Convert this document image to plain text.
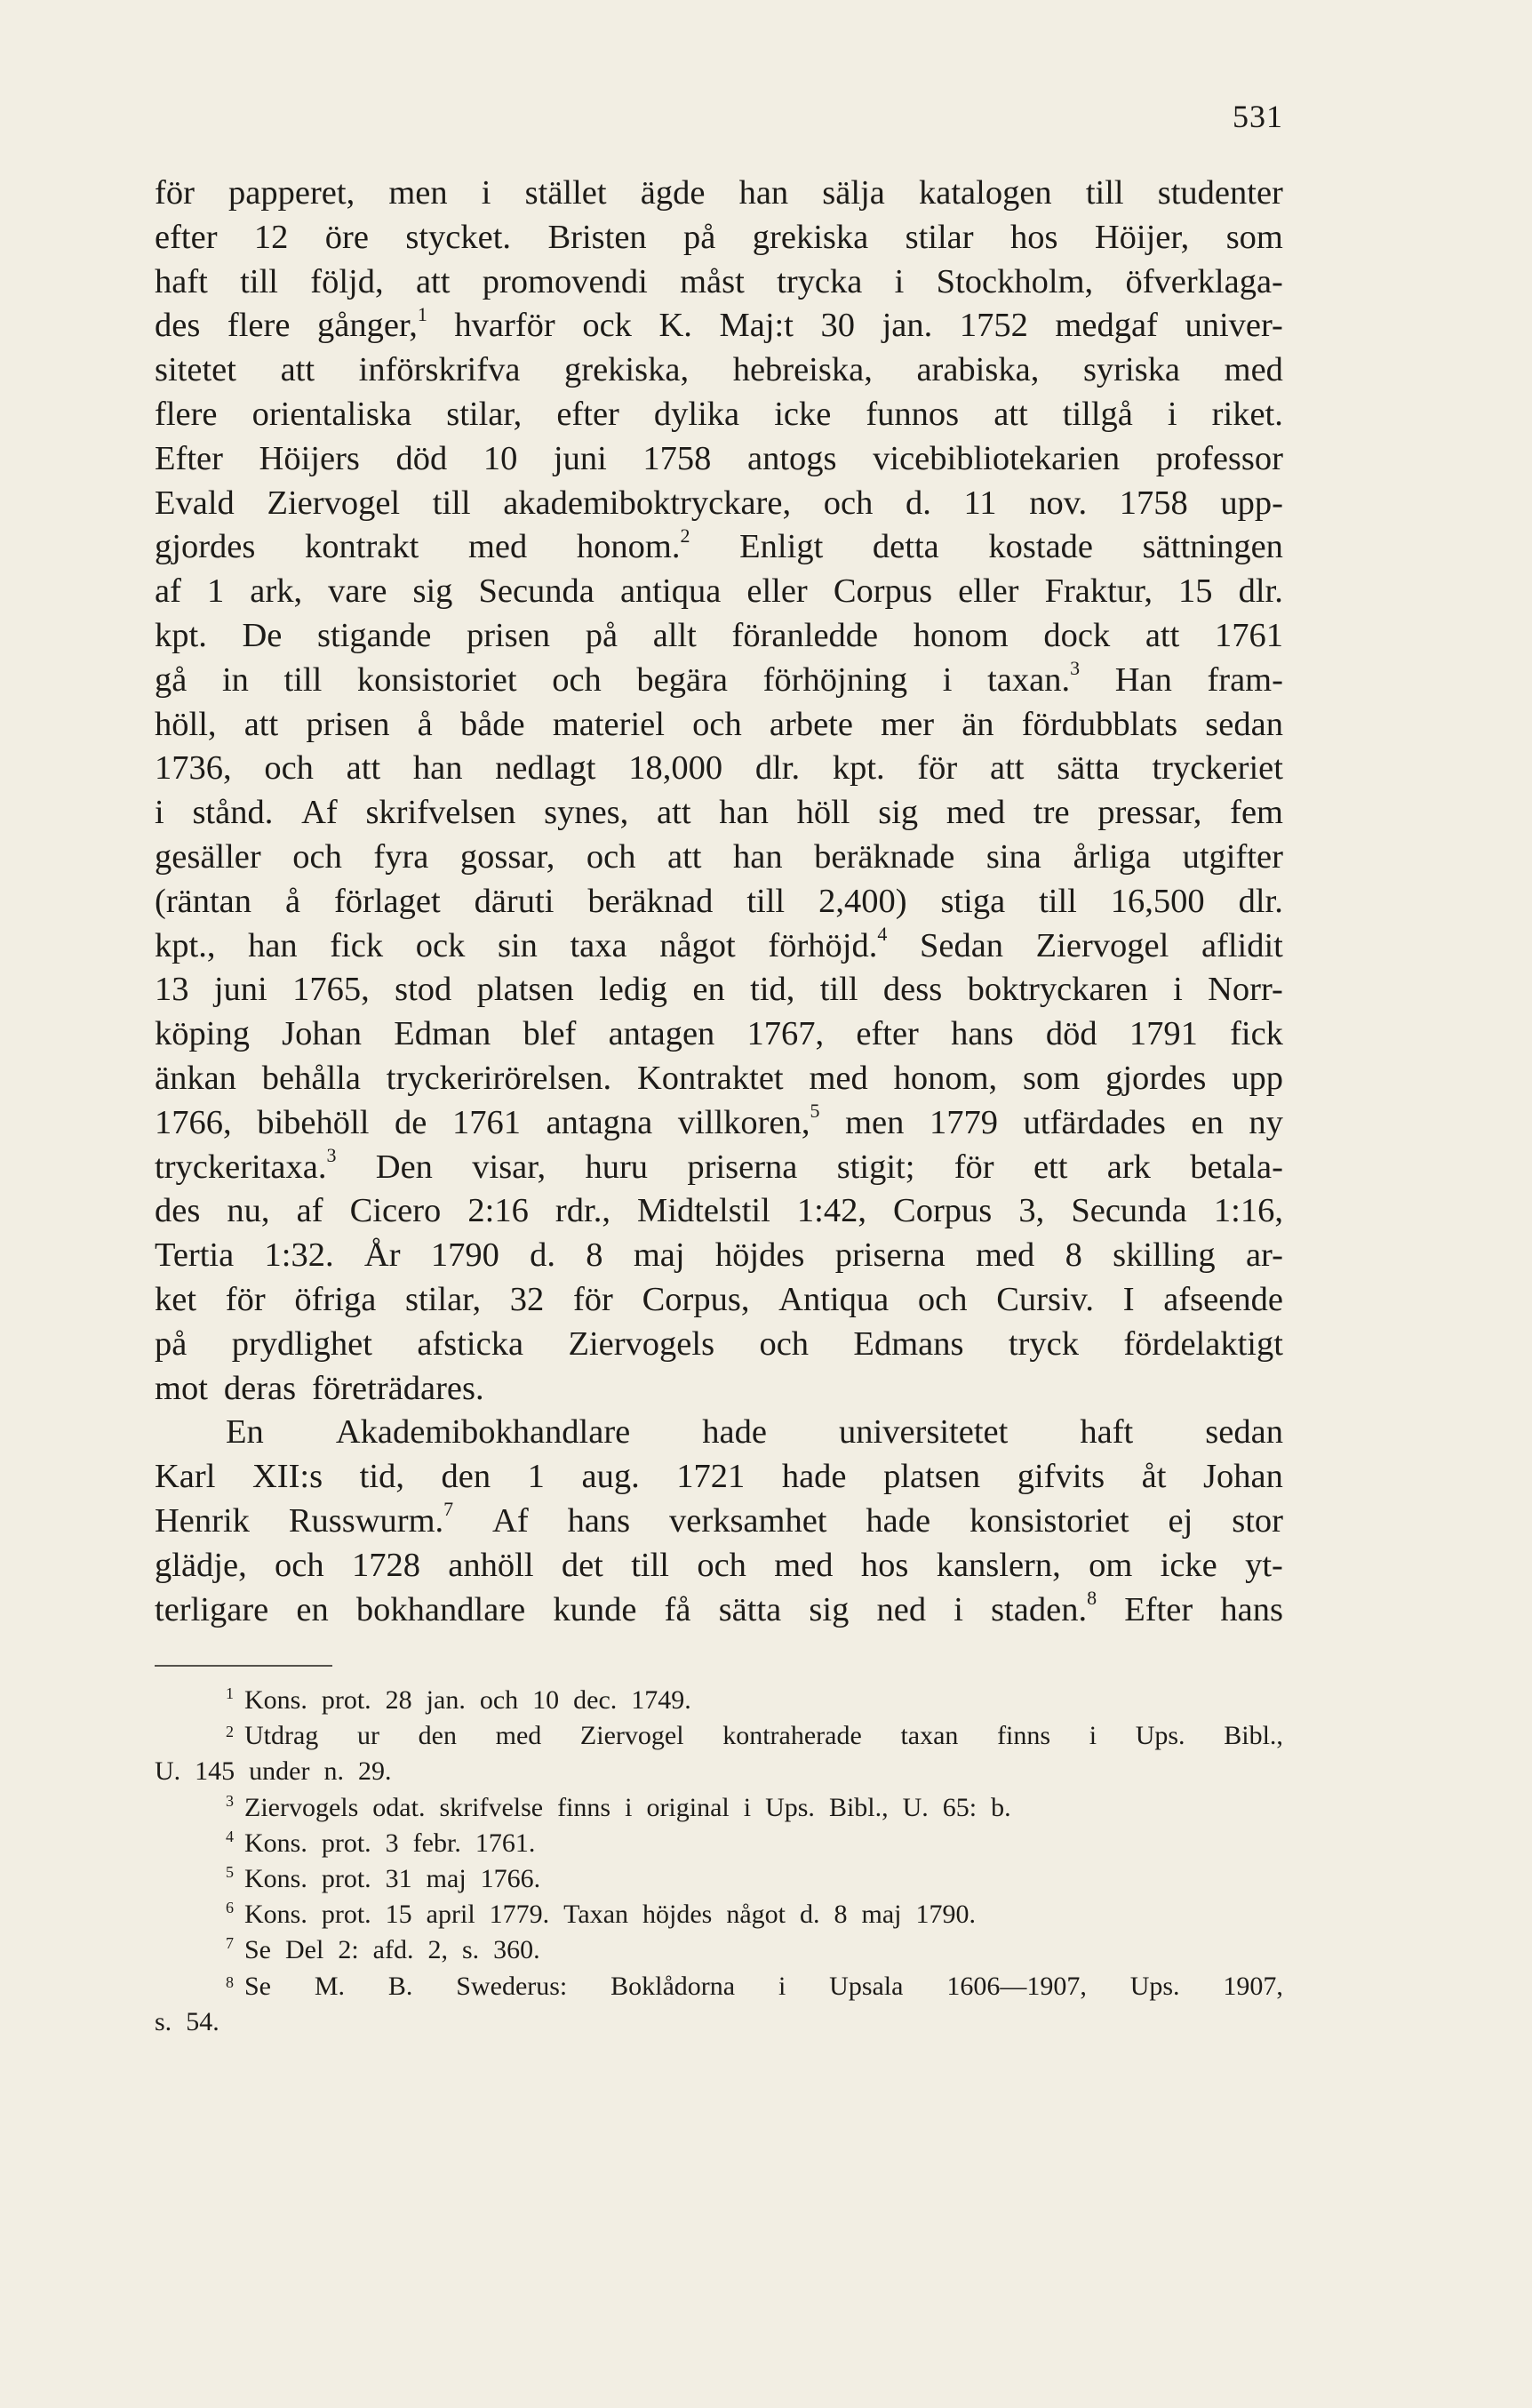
531
för papperet, men i stället ägde han sälja katalogen till studenter
efter 12 öre stycket. Bristen på grekiska stilar hos Höijer, som
haft till följd, att promovendi måst trycka i Stockholm, öfverklaga-
des flere gånger,$^1$ hvarför ock K. Maj:t 30 jan. 1752 medgaf univer-
sitetet att införskrifva grekiska, hebreiska, arabiska, syriska med
flere orientaliska stilar, efter dylika icke funnos att tillgå i riket.
Efter Höijers död 10 juni 1758 antogs vicebibliotekarien professor
Evald Ziervogel till akademiboktryckare, och d. 11 nov. 1758 upp-
gjordes kontrakt med honom.$^2$ Enligt detta kostade sättningen
af 1 ark, vare sig Secunda antiqua eller Corpus eller Fraktur, 15 dlr.
kpt. De stigande prisen på allt föranledde honom dock att 1761
gå in till konsistoriet och begära förhöjning i taxan.$^3$ Han fram-
höll, att prisen å både materiel och arbete mer än fördubblats sedan
1736, och att han nedlagt 18,000 dlr. kpt. för att sätta tryckeriet
i stånd. Af skrifvelsen synes, att han höll sig med tre pressar, fem
gesäller och fyra gossar, och att han beräknade sina årliga utgifter
(räntan å förlaget däruti beräknad till 2,400) stiga till 16,500 dlr.
kpt., han fick ock sin taxa något förhöjd.$^4$ Sedan Ziervogel aflidit
13 juni 1765, stod platsen ledig en tid, till dess boktryckaren i Norr-
köping Johan Edman blef antagen 1767, efter hans död 1791 fick
änkan behålla tryckerirörelsen. Kontraktet med honom, som gjordes upp
1766, bibehöll de 1761 antagna villkoren,$^5$ men 1779 utfärdades en ny
tryckeritaxa.$^3$ Den visar, huru priserna stigit; för ett ark betala-
des nu, af Cicero 2:16 rdr., Midtelstil 1:42, Corpus 3, Secunda 1:16,
Tertia 1:32. År 1790 d. 8 maj höjdes priserna med 8 skilling ar-
ket för öfriga stilar, 32 för Corpus, Antiqua och Cursiv. I afseende
på prydlighet afsticka Ziervogels och Edmans tryck fördelaktigt
mot deras företrädares.
En Akademibokhandlare hade universitetet haft sedan
Karl XII:s tid, den 1 aug. 1721 hade platsen gifvits åt Johan
Henrik Russwurm.$^7$ Af hans verksamhet hade konsistoriet ej stor
glädje, och 1728 anhöll det till och med hos kanslern, om icke yt-
terligare en bokhandlare kunde få sätta sig ned i staden.$^8$ Efter hans
1 Kons. prot. 28 jan. och 10 dec. 1749.
$^2$ Utdrag ur den med Ziervogel kontraherade taxan finns i Ups. Bibl.,
U. 145 under n. 29.
3 Ziervogels odat. skrifvelse finns i original i Ups. Bibl., U. 65: b.
4 Kons. prot. 3 febr. 1761.
5 Kons. prot. 31 maj 1766.
6 Kons. prot. 15 april 1779. Taxan höjdes något d. 8 maj 1790.
7 Se Del 2: afd. 2, s. 360.
$^8$ Se M. B. Swederus: Boklådorna i Upsala 1606—1907, Ups. 1907,
s. 54.
